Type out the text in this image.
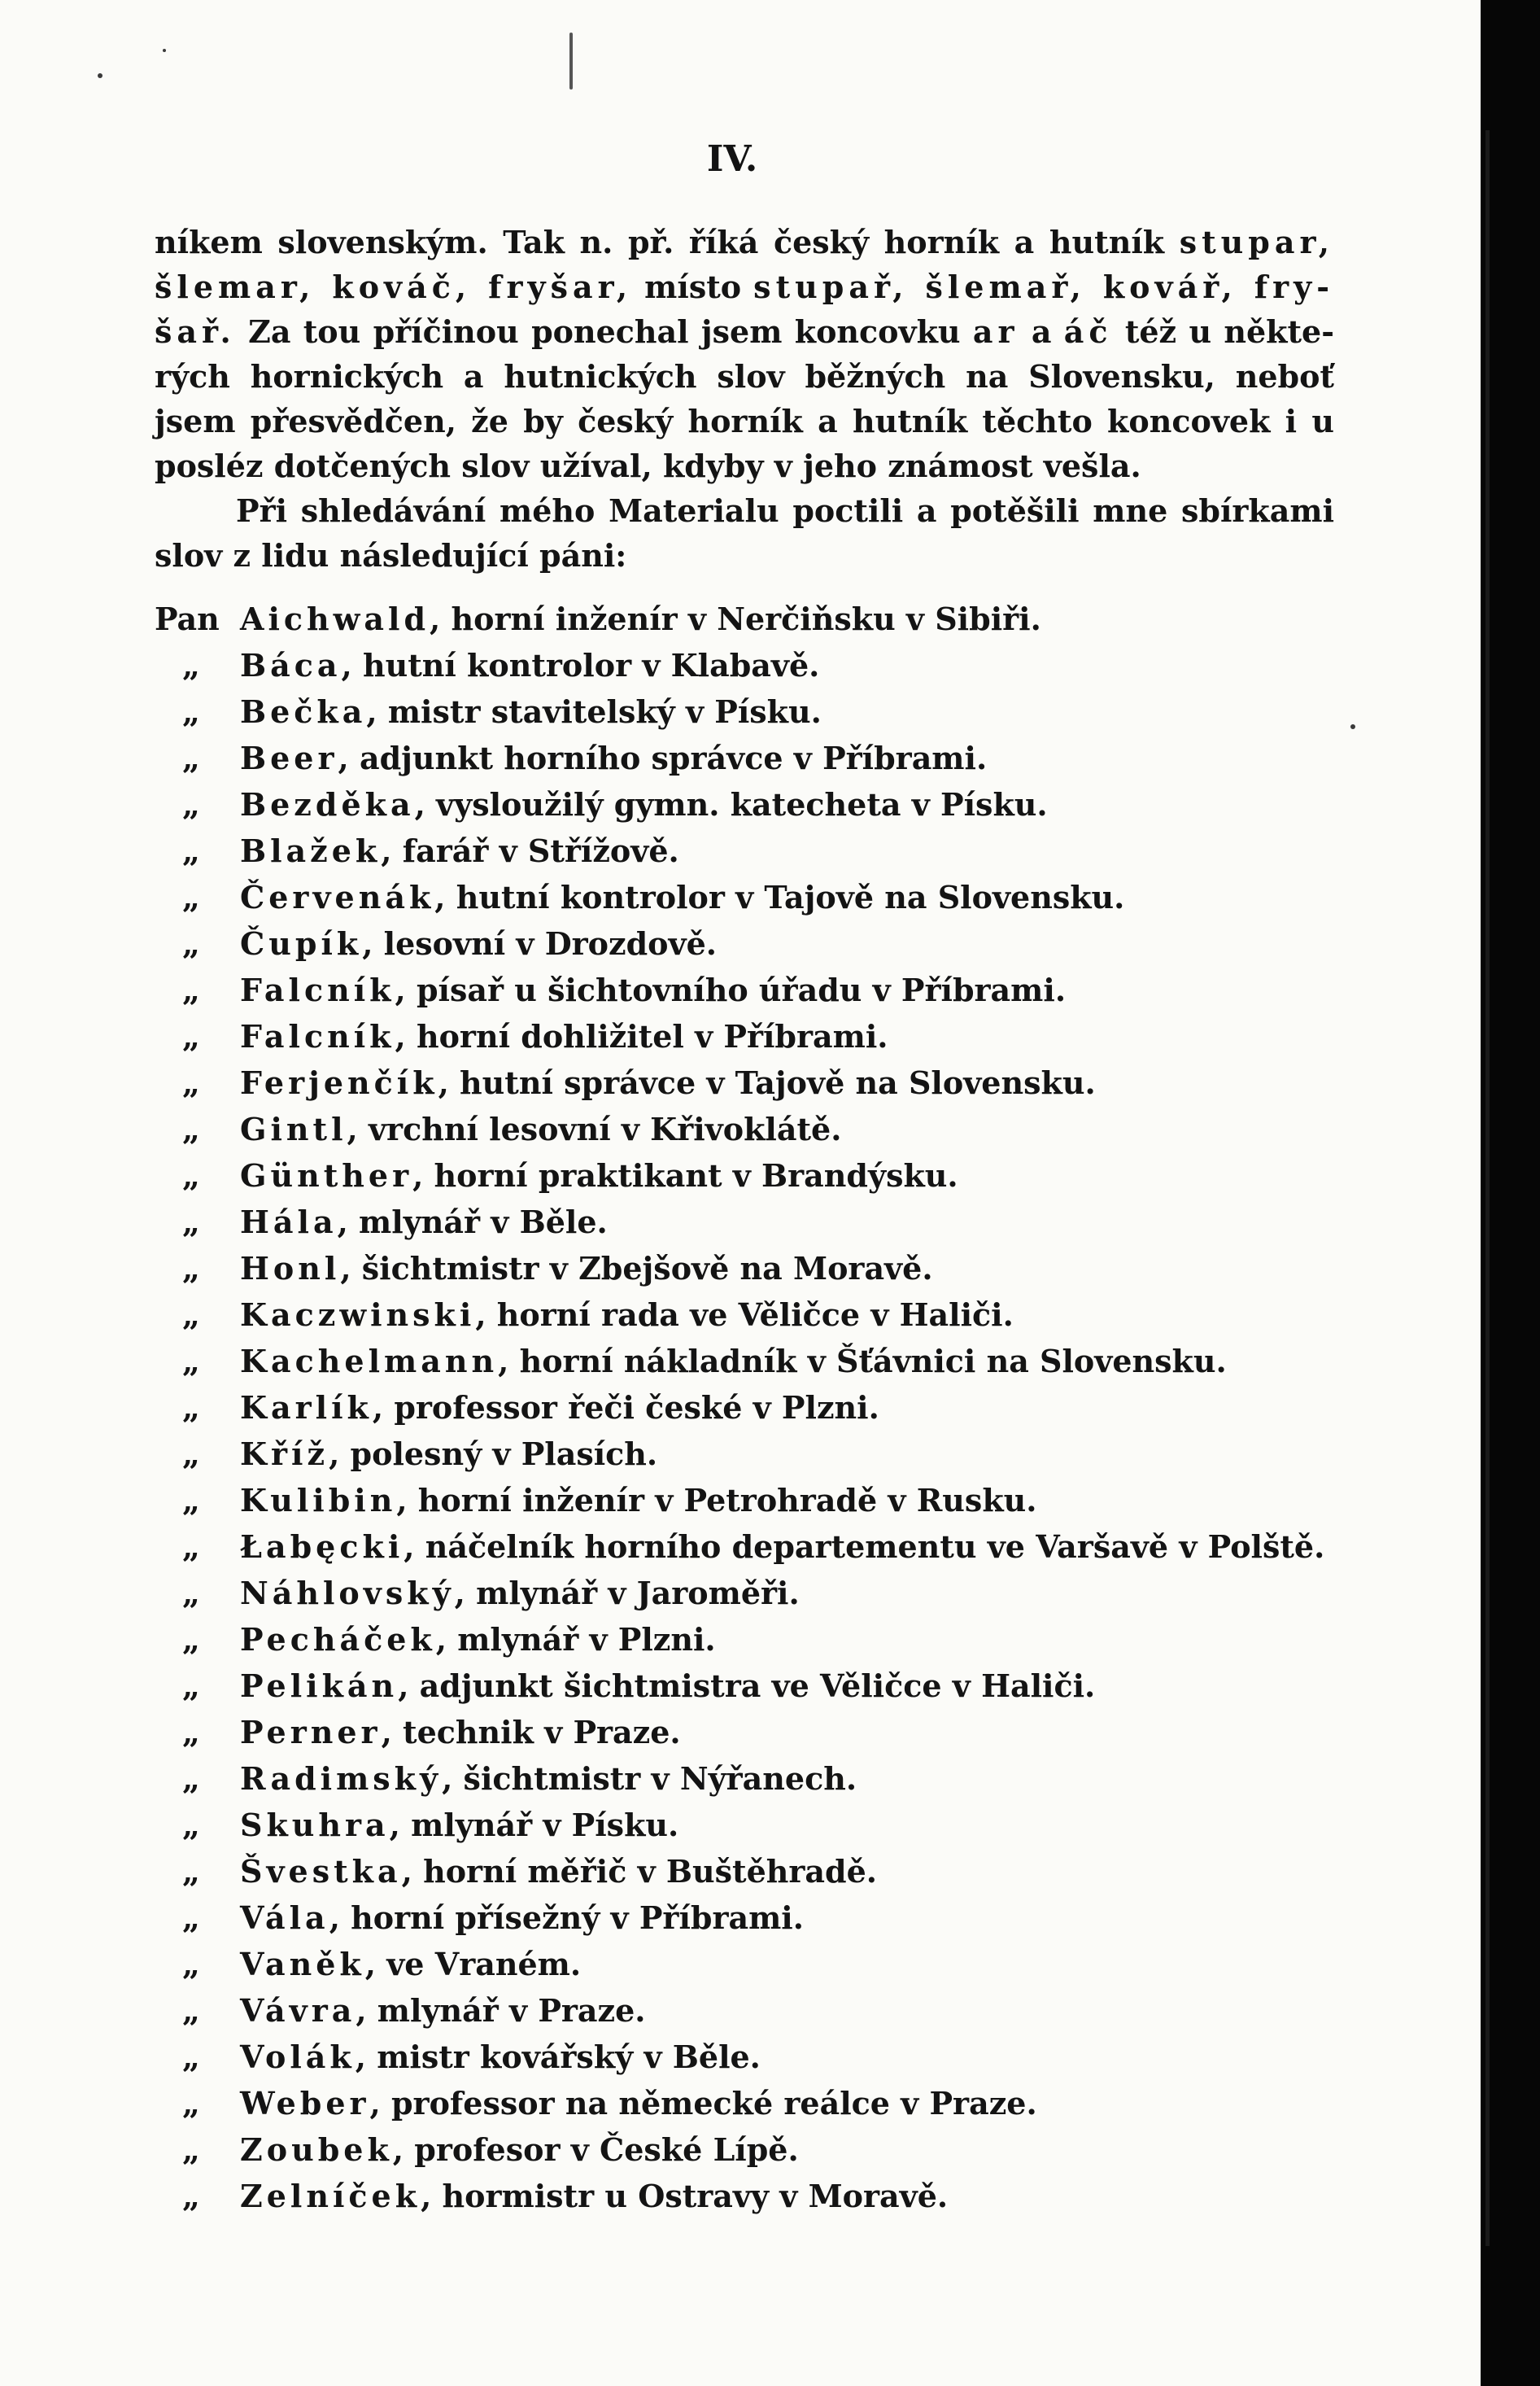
IV.

níkem slovenským. Tak n. př. říká český horník a hutník stupar, šlemar, kováč, fryšar, místo stupař, šlemař, kovář, fry- šař. Za tou příčinou ponechal jsem koncovku ar a áč též u někte- rých hornických a hutnických slov běžných na Slovensku, neboť jsem přesvědčen, že by český horník a hutník těchto koncovek i u posléz dotčených slov užíval, kdyby v jeho známost vešla.

Při shledávání mého Materialu poctili a potěšili mne sbírkami slov z lidu následující páni:

Pan Aichwald , horní inženír v Nerčiňsku v Sibiři.
„	Báca , hutní kontrolor v Klabavě.
„	Bečka , mistr stavitelský v Písku.
„	Beer , adjunkt horního správce v Příbrami.
„	Bezděka , vysloužilý gymn. katecheta v Písku.
„	Blažek , farář v Střížově.
„	Červenák , hutní kontrolor v Tajově na Slovensku.
„	Čupík , lesovní v Drozdově.
„	Falcník , písař u šichtovního úřadu v Příbrami.
„	Falcník , horní dohližitel v Příbrami.
„	Ferjenčík , hutní správce v Tajově na Slovensku.
„	Gintl , vrchní lesovní v Křivoklátě.
„	Günther , horní praktikant v Brandýsku.
„	Hála , mlynář v Běle.
„	Honl , šichtmistr v Zbejšově na Moravě.
„	Kaczwinski , horní rada ve Věličce v Haliči.
„	Kachelmann , horní nákladník v Šťávnici na Slovensku.
„	Karlík , professor řeči české v Plzni.
„	Kříž , polesný v Plasích.
„	Kulibin , horní inženír v Petrohradě v Rusku.
„	Łabęcki , náčelník horního departementu ve Varšavě v Polště.
„	Náhlovský , mlynář v Jaroměři.
„	Pecháček , mlynář v Plzni.
„	Pelikán , adjunkt šichtmistra ve Věličce v Haliči.
„	Perner , technik v Praze.
„	Radimský , šichtmistr v Nýřanech.
„	Skuhra , mlynář v Písku.
„	Švestka , horní měřič v Buštěhradě.
„	Vála , horní přísežný v Příbrami.
„	Vaněk , ve Vraném.
„	Vávra , mlynář v Praze.
„	Volák , mistr kovářský v Běle.
„	Weber , professor na německé reálce v Praze.
„	Zoubek , profesor v České Lípě.
„	Zelníček , hormistr u Ostravy v Moravě.
